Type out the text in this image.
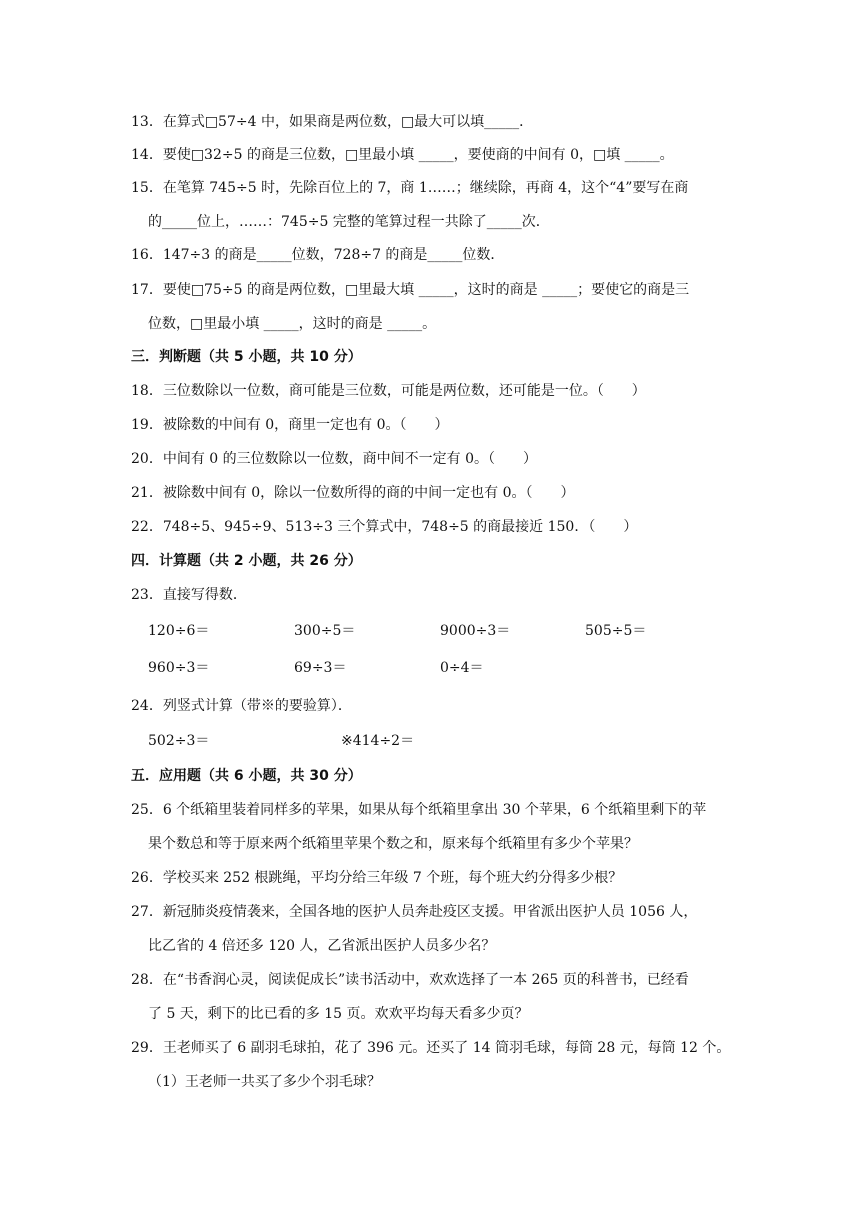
13．在算式□57÷4 中，如果商是两位数，□最大可以填_____．
14．要使□32÷5 的商是三位数，□里最小填 _____，要使商的中间有 0，□填 _____。
15．在笔算 745÷5 时，先除百位上的 7，商 1……；继续除，再商 4，这个“4”要写在商
的_____位上，……：745÷5 完整的笔算过程一共除了_____次．
16．147÷3 的商是_____位数，728÷7 的商是_____位数．
17．要使□75÷5 的商是两位数，□里最大填 _____，这时的商是 _____；要使它的商是三
位数，□里最小填 _____，这时的商是 _____。
三．判断题（共 5 小题，共 10 分）
18．三位数除以一位数，商可能是三位数，可能是两位数，还可能是一位。（　　）
19．被除数的中间有 0，商里一定也有 0。（　　）
20．中间有 0 的三位数除以一位数，商中间不一定有 0。（　　）
21．被除数中间有 0，除以一位数所得的商的中间一定也有 0。（　　）
22．748÷5、945÷9、513÷3 三个算式中，748÷5 的商最接近 150．（　　）
四．计算题（共 2 小题，共 26 分）
23．直接写得数．
120÷6＝	300÷5＝	9000÷3＝	505÷5＝
960÷3＝	69÷3＝	0÷4＝
24．列竖式计算（带※的要验算）．
502÷3＝	※414÷2＝
五．应用题（共 6 小题，共 30 分）
25．6 个纸箱里装着同样多的苹果，如果从每个纸箱里拿出 30 个苹果，6 个纸箱里剩下的苹
果个数总和等于原来两个纸箱里苹果个数之和，原来每个纸箱里有多少个苹果？
26．学校买来 252 根跳绳，平均分给三年级 7 个班，每个班大约分得多少根？
27．新冠肺炎疫情袭来，全国各地的医护人员奔赴疫区支援。甲省派出医护人员 1056 人，
比乙省的 4 倍还多 120 人，乙省派出医护人员多少名？
28．在“书香润心灵，阅读促成长”读书活动中，欢欢选择了一本 265 页的科普书，已经看
了 5 天，剩下的比已看的多 15 页。欢欢平均每天看多少页？
29．王老师买了 6 副羽毛球拍，花了 396 元。还买了 14 筒羽毛球，每筒 28 元，每筒 12 个。
（1）王老师一共买了多少个羽毛球？
